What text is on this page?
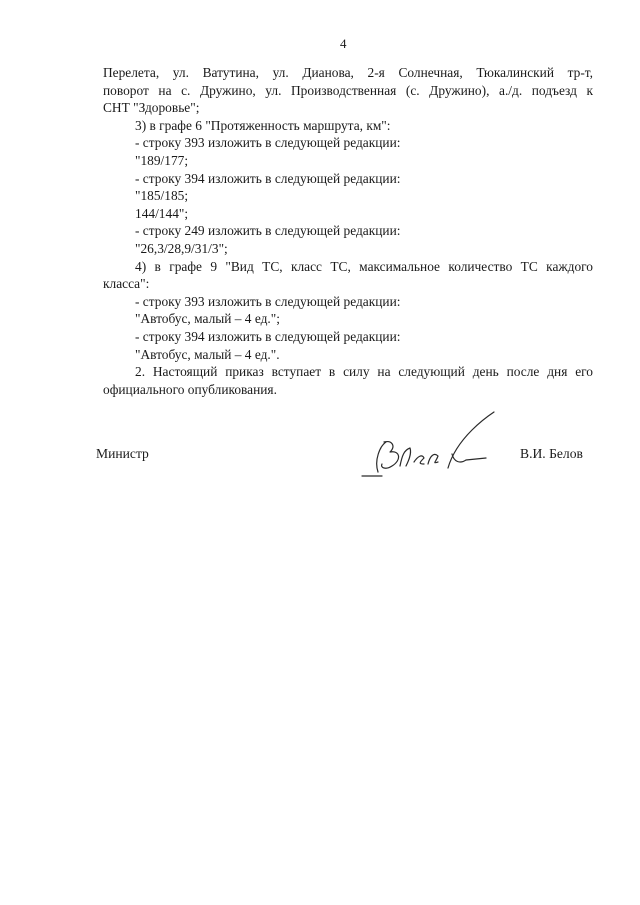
4
Перелета, ул. Ватутина, ул. Дианова, 2-я Солнечная, Тюкалинский тр-т,
поворот на с. Дружино, ул. Производственная (с. Дружино), а./д. подъезд к
СНТ "Здоровье";
3) в графе 6 "Протяженность маршрута, км":
- строку 393 изложить в следующей редакции:
"189/177;
- строку 394 изложить в следующей редакции:
"185/185;
144/144";
- строку 249 изложить в следующей редакции:
"26,3/28,9/31/3";
4) в графе 9 "Вид ТС, класс ТС, максимальное количество ТС каждого
класса":
- строку 393 изложить в следующей редакции:
"Автобус, малый – 4 ед.";
- строку 394 изложить в следующей редакции:
"Автобус, малый – 4 ед.".
2. Настоящий приказ вступает в силу на следующий день после дня его
официального опубликования.
Министр	В.И. Белов
